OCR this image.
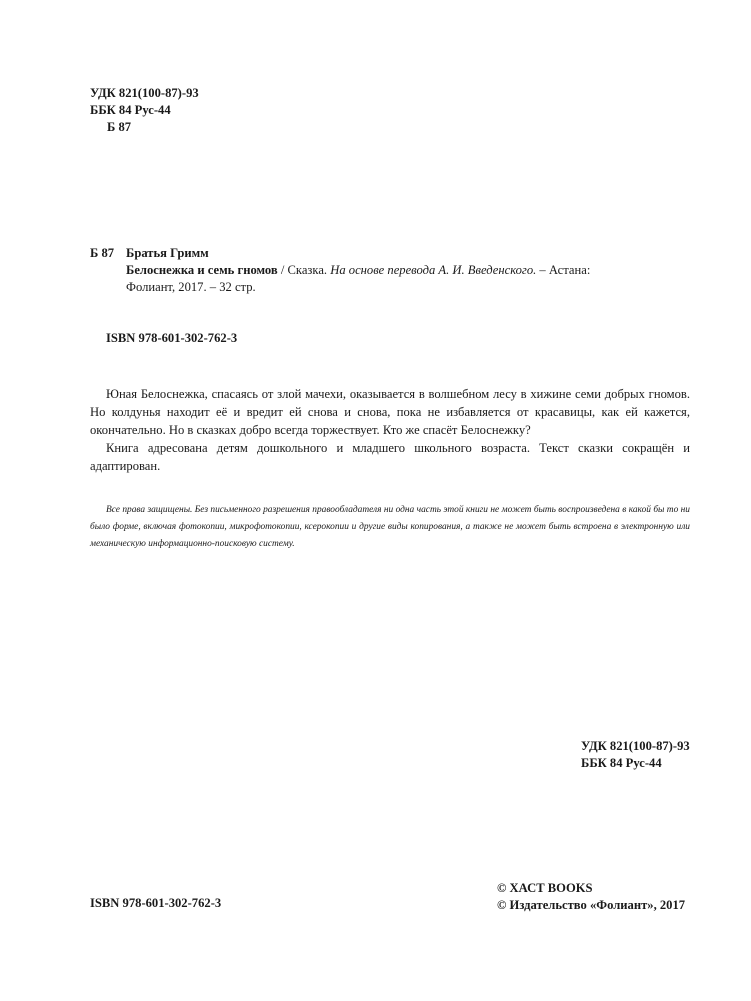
УДК 821(100-87)-93
ББК 84 Рус-44
Б 87
Б 87 Братья Гримм
Белоснежка и семь гномов / Сказка. На основе перевода А. И. Введенского. – Астана:
Фолиант, 2017. – 32 стр.
ISBN 978-601-302-762-3

Юная Белоснежка, спасаясь от злой мачехи, оказывается в волшебном лесу в хижине семи добрых гномов. Но колдунья находит её и вредит ей снова и снова, пока не избавляется от красавицы, как ей кажется, окончательно. Но в сказках добро всегда торжествует. Кто же спасёт Белоснежку?

Книга адресована детям дошкольного и младшего школьного возраста. Текст сказки сокращён и адаптирован.

Все права защищены. Без письменного разрешения правообладателя ни одна часть этой книги не может быть воспроизведена в какой бы то ни было форме, включая фотокопии, микрофотокопии, ксерокопии и другие виды копирования, а также не может быть встроена в электронную или механическую информационно-поисковую систему.

УДК 821(100-87)-93
ББК 84 Рус-44
ISBN 978-601-302-762-3
© ХАСТ BOOKS
© Издательство «Фолиант», 2017
